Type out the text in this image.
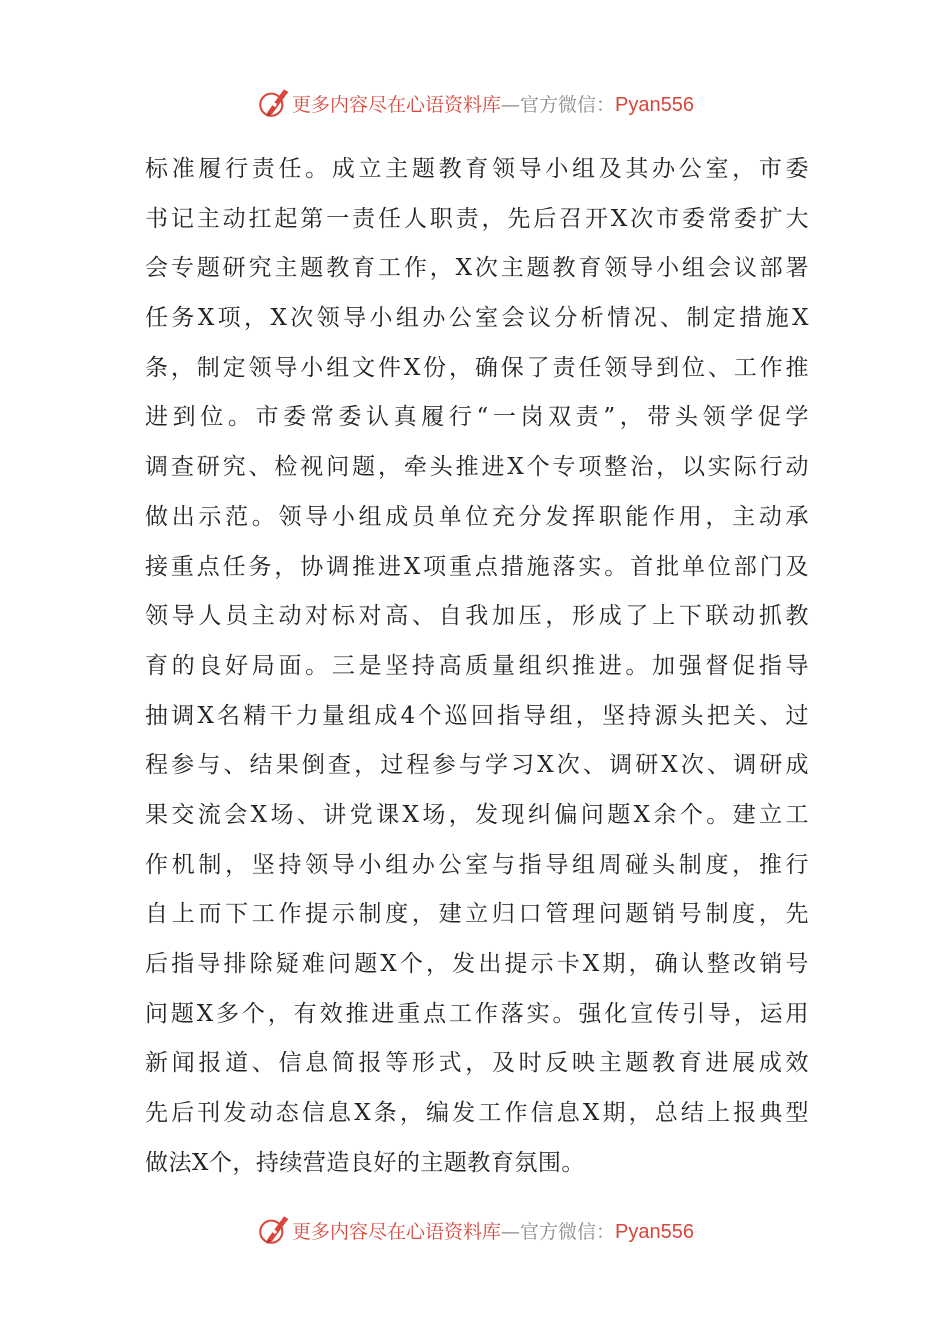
更多内容尽在心语资料库—官方微信：Pyan556
标准履行责任。成立主题教育领导小组及其办公室，市委
书记主动扛起第一责任人职责，先后召开X次市委常委扩大
会专题研究主题教育工作，X次主题教育领导小组会议部署
任务X项，X次领导小组办公室会议分析情况、制定措施X
条，制定领导小组文件X份，确保了责任领导到位、工作推
进到位。市委常委认真履行“一岗双责”，带头领学促学
调查研究、检视问题，牵头推进X个专项整治，以实际行动
做出示范。领导小组成员单位充分发挥职能作用，主动承
接重点任务，协调推进X项重点措施落实。首批单位部门及
领导人员主动对标对高、自我加压，形成了上下联动抓教
育的良好局面。三是坚持高质量组织推进。加强督促指导
抽调X名精干力量组成4个巡回指导组，坚持源头把关、过
程参与、结果倒查，过程参与学习X次、调研X次、调研成
果交流会X场、讲党课X场，发现纠偏问题X余个。建立工
作机制，坚持领导小组办公室与指导组周碰头制度，推行
自上而下工作提示制度，建立归口管理问题销号制度，先
后指导排除疑难问题X个，发出提示卡X期，确认整改销号
问题X多个，有效推进重点工作落实。强化宣传引导，运用
新闻报道、信息简报等形式，及时反映主题教育进展成效
先后刊发动态信息X条，编发工作信息X期，总结上报典型
做法X个，持续营造良好的主题教育氛围。
更多内容尽在心语资料库—官方微信：Pyan556
